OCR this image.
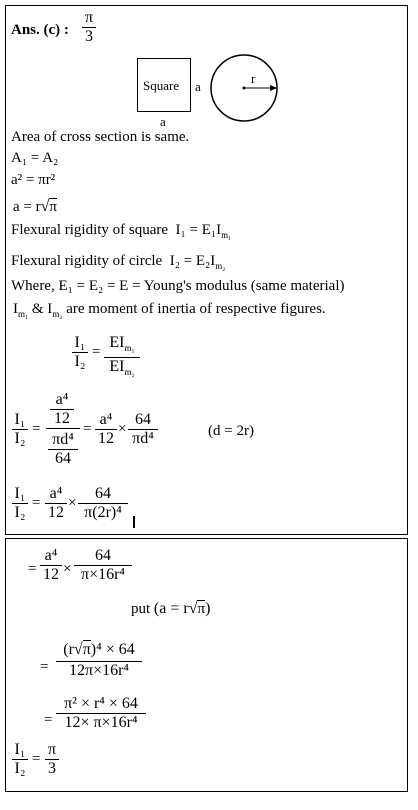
Ans. (c) :
π
3
Square a
a
r
Area of cross section is same.
A₁ = A₂
a² = πr²
a = r√π
Flexural rigidity of square $I_1 = E_1I_{m_1}$
Flexural rigidity of circle $I_2 = E_2I_{m_2}$
Where, E₁ = E₂ = E = Young's modulus (same material)
$I_{m_1}$ & $I_{m_2}$ are moment of inertia of respective figures.
I₁
I₂
=
$EI_{m_1}$
$EI_{m_2}$
I₁
I₂
=
a⁴
12
πd⁴
64
=
a⁴
12
×
64
πd⁴	(d = 2r)
I₁
I₂
=
a⁴
12
×
64
π(2r)⁴
=
a⁴
12 ×
64
π×16r⁴
put (a = r√π)
=
(r√π)⁴ × 64
12π×16r⁴
=
π² × r⁴ × 64
12× π×16r⁴
I₁
I₂
=
π
3
